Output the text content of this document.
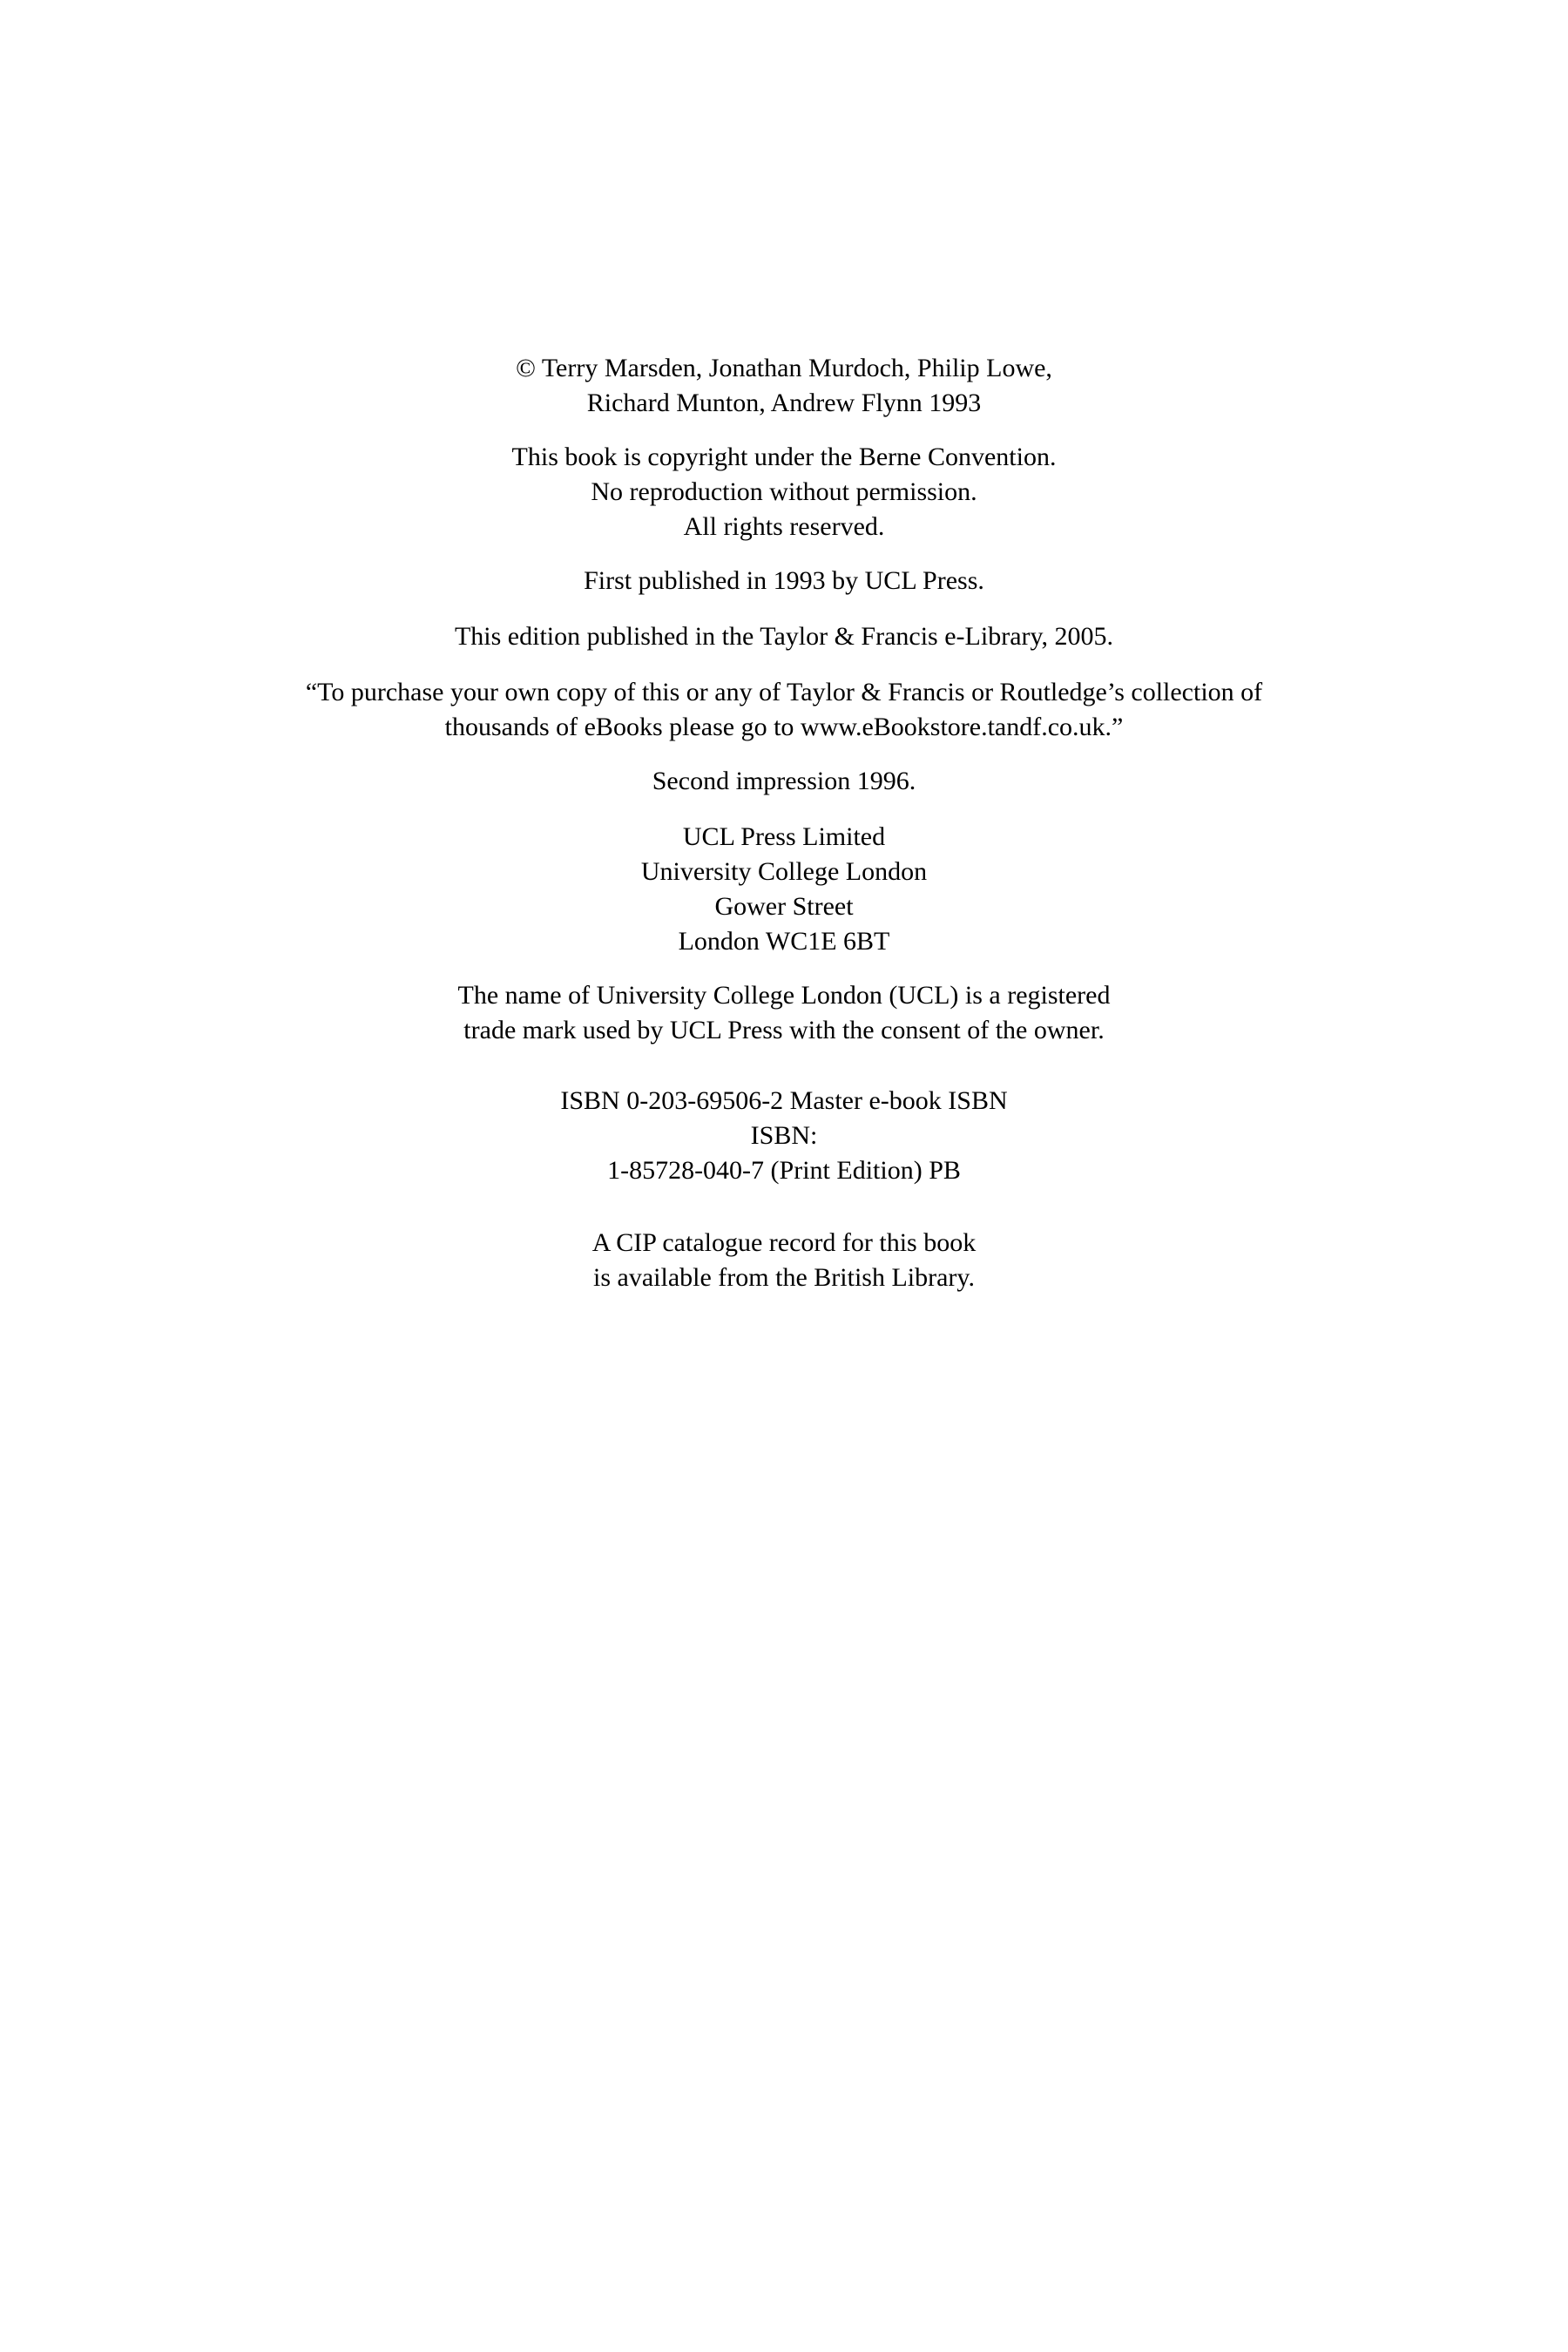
© Terry Marsden, Jonathan Murdoch, Philip Lowe,
Richard Munton, Andrew Flynn 1993
This book is copyright under the Berne Convention.
No reproduction without permission.
All rights reserved.
First published in 1993 by UCL Press.
This edition published in the Taylor & Francis e-Library, 2005.
“To purchase your own copy of this or any of Taylor & Francis or Routledge’s collection of
thousands of eBooks please go to www.eBookstore.tandf.co.uk.”
Second impression 1996.
UCL Press Limited
University College London
Gower Street
London WC1E 6BT
The name of University College London (UCL) is a registered
trade mark used by UCL Press with the consent of the owner.
ISBN 0-203-69506-2 Master e-book ISBN
ISBN:
1-85728-040-7 (Print Edition) PB
A CIP catalogue record for this book
is available from the British Library.
